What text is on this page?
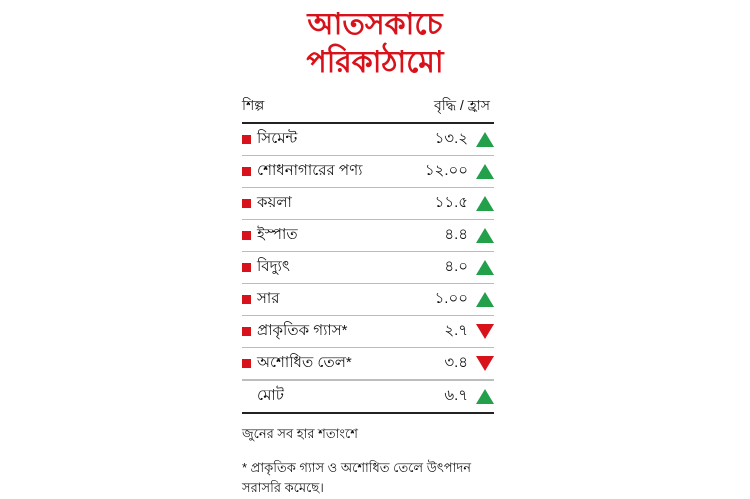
আতসকাচে
পরিকাঠামো
শিল্প	বৃদ্ধি / হ্রাস
সিমেন্ট	১৩.২
শোধনাগারের পণ্য	১২.০০
কয়লা	১১.৫
ইস্পাত	৪.৪
বিদ্যুৎ	৪.০
সার	১.০০
প্রাকৃতিক গ্যাস*	২.৭
অশোধিত তেল*	৩.৪
মোট	৬.৭
জুনের সব হার শতাংশে
* প্রাকৃতিক গ্যাস ও অশোধিত তেলে উৎপাদন সরাসরি কমেছে।
